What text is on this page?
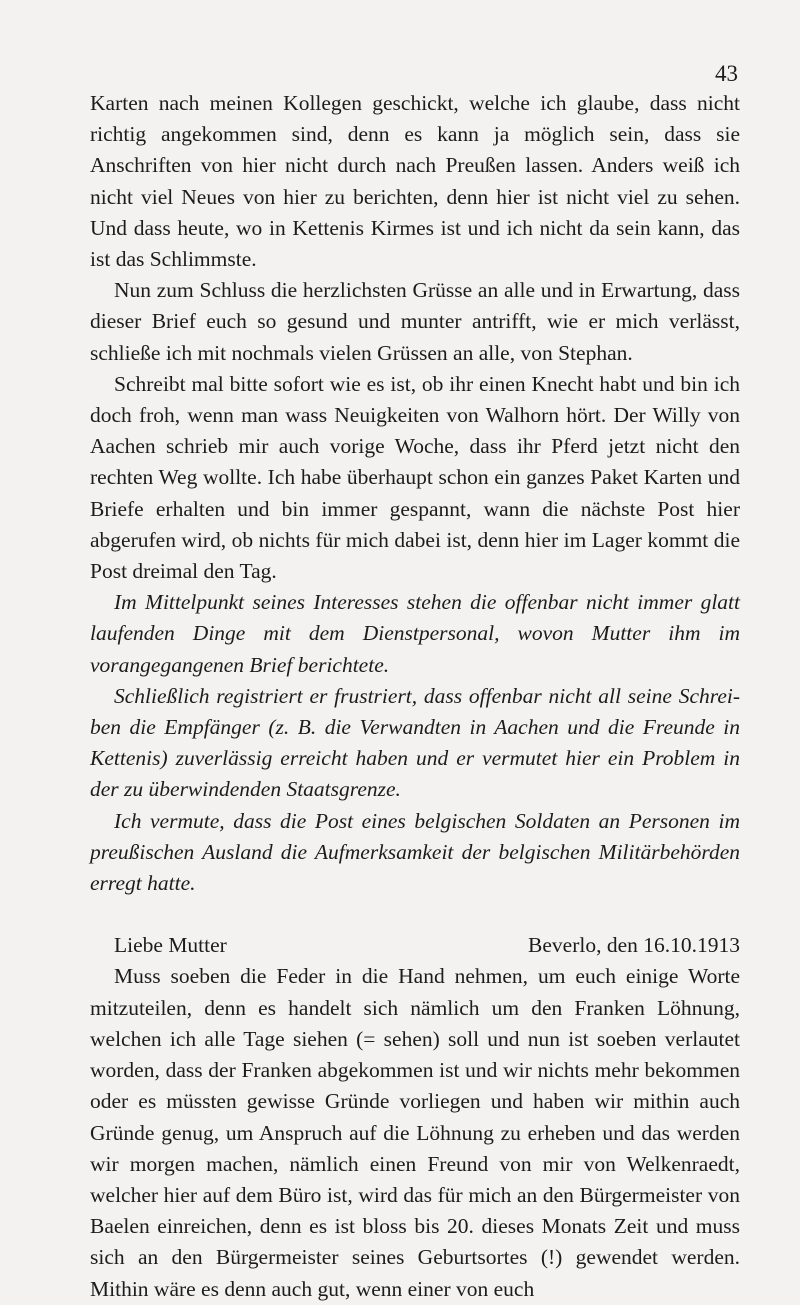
43

Karten nach meinen Kollegen geschickt, welche ich glaube, dass nicht richtig angekommen sind, denn es kann ja möglich sein, dass sie Anschriften von hier nicht durch nach Preußen lassen. Anders weiß ich nicht viel Neues von hier zu berichten, denn hier ist nicht viel zu sehen. Und dass heute, wo in Kettenis Kirmes ist und ich nicht da sein kann, das ist das Schlimmste.

Nun zum Schluss die herzlichsten Grüsse an alle und in Erwartung, dass dieser Brief euch so gesund und munter antrifft, wie er mich verlässt, schließe ich mit nochmals vielen Grüssen an alle, von Stephan.

Schreibt mal bitte sofort wie es ist, ob ihr einen Knecht habt und bin ich doch froh, wenn man wass Neuigkeiten von Walhorn hört. Der Willy von Aachen schrieb mir auch vorige Woche, dass ihr Pferd jetzt nicht den rechten Weg wollte. Ich habe überhaupt schon ein ganzes Paket Karten und Briefe erhalten und bin immer gespannt, wann die nächste Post hier abgerufen wird, ob nichts für mich dabei ist, denn hier im Lager kommt die Post dreimal den Tag.

Im Mittelpunkt seines Interesses stehen die offenbar nicht immer glatt laufenden Dinge mit dem Dienstpersonal, wovon Mutter ihm im vorangegangenen Brief berichtete.

Schließlich registriert er frustriert, dass offenbar nicht all seine Schrei-ben die Empfänger (z. B. die Verwandten in Aachen und die Freunde in Kettenis) zuverlässig erreicht haben und er vermutet hier ein Problem in der zu überwindenden Staatsgrenze.

Ich vermute, dass die Post eines belgischen Soldaten an Personen im preußischen Ausland die Aufmerksamkeit der belgischen Militärbehörden erregt hatte.

Liebe Mutter	Beverlo, den 16.10.1913

Muss soeben die Feder in die Hand nehmen, um euch einige Worte mitzuteilen, denn es handelt sich nämlich um den Franken Löhnung, welchen ich alle Tage siehen (= sehen) soll und nun ist soeben verlautet worden, dass der Franken abgekommen ist und wir nichts mehr bekommen oder es müssten gewisse Gründe vorliegen und haben wir mithin auch Gründe genug, um Anspruch auf die Löhnung zu erheben und das werden wir morgen machen, nämlich einen Freund von mir von Welkenraedt, welcher hier auf dem Büro ist, wird das für mich an den Bürgermeister von Baelen einreichen, denn es ist bloss bis 20. dieses Monats Zeit und muss sich an den Bürgermeister seines Geburtsortes (!) gewendet werden. Mithin wäre es denn auch gut, wenn einer von euch
